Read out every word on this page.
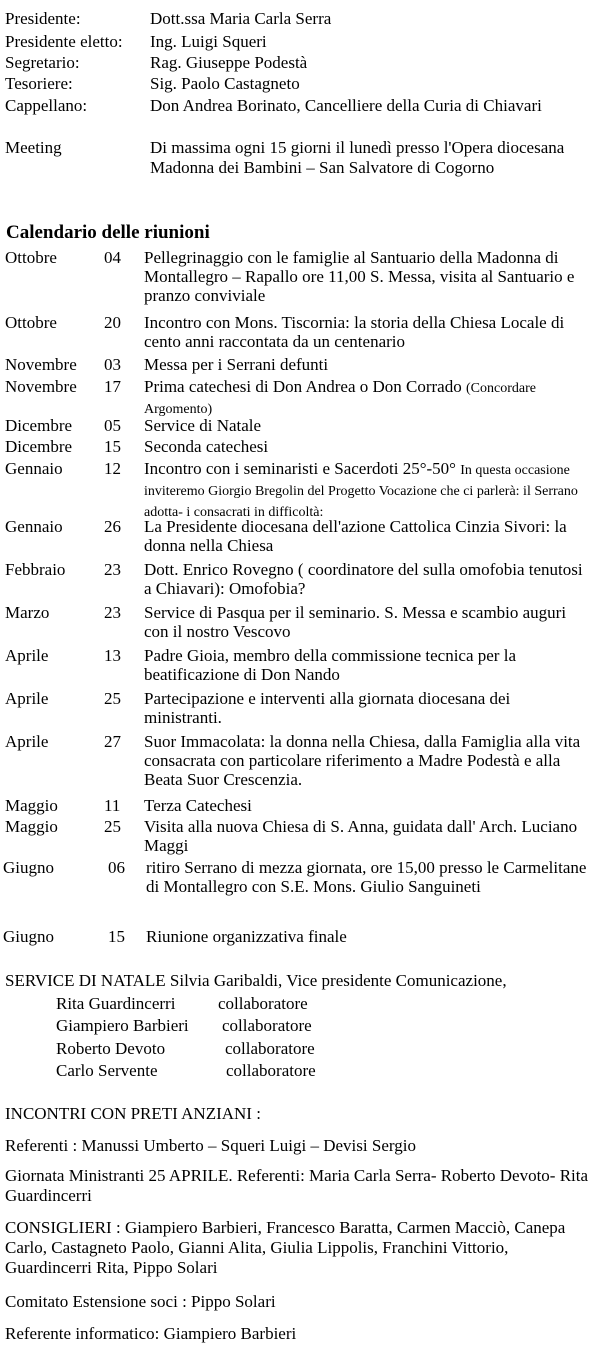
Presidente:	Dott.ssa Maria Carla Serra
Presidente eletto: Ing. Luigi Squeri
Segretario:	Rag. Giuseppe Podestà
Tesoriere:	Sig. Paolo Castagneto
Cappellano:	Don Andrea Borinato, Cancelliere della Curia di Chiavari
Meeting	Di massima ogni 15 giorni il lunedì presso l'Opera diocesana Madonna dei Bambini – San Salvatore di Cogorno
Calendario delle riunioni
Ottobre	04 Pellegrinaggio con le famiglie al Santuario della Madonna di Montallegro – Rapallo ore 11,00 S. Messa, visita al Santuario e pranzo conviviale
Ottobre	20 Incontro con Mons. Tiscornia: la storia della Chiesa Locale di cento anni raccontata da un centenario
Novembre 03 Messa per i Serrani defunti
Novembre 17 Prima catechesi di Don Andrea o Don Corrado (Concordare Argomento)
Dicembre 05 Service di Natale
Dicembre 15 Seconda catechesi
Gennaio 12 Incontro con i seminaristi e Sacerdoti 25°-50° In questa occasione inviteremo Giorgio Bregolin del Progetto Vocazione che ci parlerà: il Serrano adotta- i consacrati in difficoltà:
Gennaio 26 La Presidente diocesana dell'azione Cattolica Cinzia Sivori: la donna nella Chiesa
Febbraio 23 Dott. Enrico Rovegno ( coordinatore del sulla omofobia tenutosi a Chiavari): Omofobia?
Marzo	23 Service di Pasqua per il seminario. S. Messa e scambio auguri con il nostro Vescovo
Aprile	13 Padre Gioia, membro della commissione tecnica per la beatificazione di Don Nando
Aprile	25 Partecipazione e interventi alla giornata diocesana dei ministranti.
Aprile	27 Suor Immacolata: la donna nella Chiesa, dalla Famiglia alla vita consacrata con particolare riferimento a Madre Podestà e alla Beata Suor Crescenzia.
Maggio	11 Terza Catechesi
Maggio	25 Visita alla nuova Chiesa di S. Anna, guidata dall' Arch. Luciano Maggi
Giugno	06 ritiro Serrano di mezza giornata, ore 15,00 presso le Carmelitane di Montallegro con S.E. Mons. Giulio Sanguineti
Giugno	15 Riunione organizzativa finale
SERVICE DI NATALE Silvia Garibaldi, Vice presidente Comunicazione,
Rita Guardincerri	collaboratore
Giampiero Barbieri collaboratore
Roberto Devoto	collaboratore
Carlo Servente	collaboratore
INCONTRI CON PRETI ANZIANI :
Referenti : Manussi Umberto – Squeri Luigi – Devisi Sergio
Giornata Ministranti 25 APRILE. Referenti: Maria Carla Serra- Roberto Devoto- Rita Guardincerri
CONSIGLIERI : Giampiero Barbieri, Francesco Baratta, Carmen Macciò, Canepa Carlo, Castagneto Paolo, Gianni Alita, Giulia Lippolis, Franchini Vittorio, Guardincerri Rita, Pippo Solari
Comitato Estensione soci : Pippo Solari
Referente informatico: Giampiero Barbieri
